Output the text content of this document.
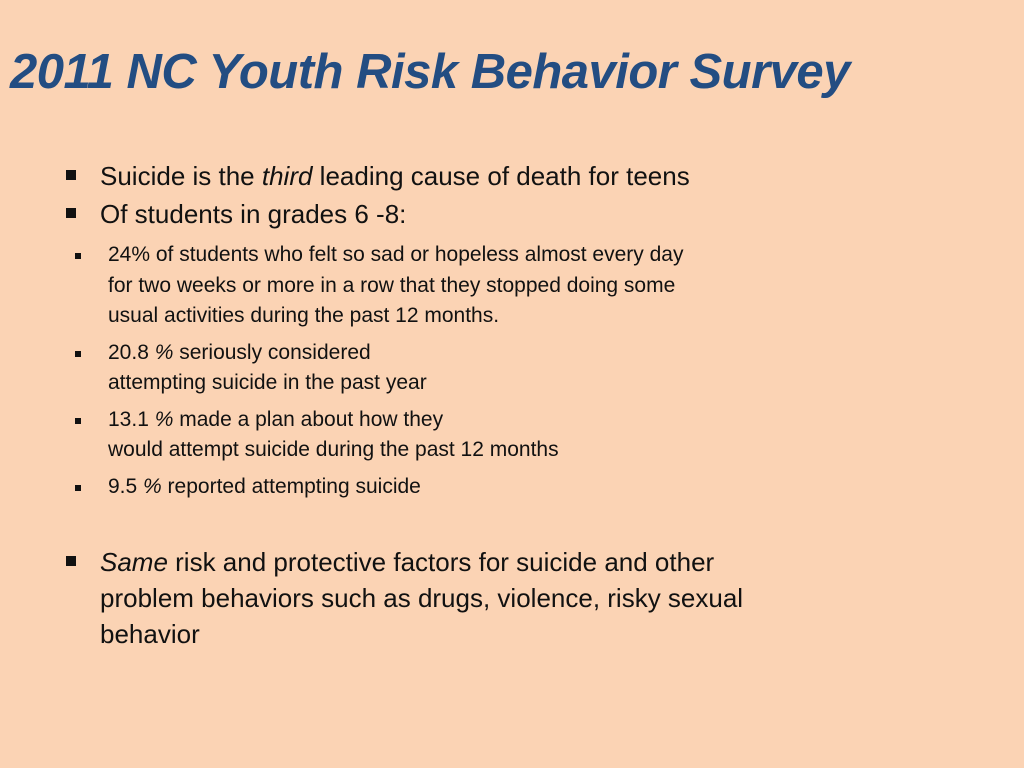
2011 NC Youth Risk Behavior Survey
Suicide is the third leading cause of death for teens
Of students in grades 6 -8:
24% of students who felt so sad or hopeless almost every day
for two weeks or more in a row that they stopped doing some
usual activities during the past 12 months.
20.8 % seriously considered
attempting suicide in the past year
13.1 % made a plan about how they
would attempt suicide during the past 12 months
9.5 % reported attempting suicide
Same risk and protective factors for suicide and other
problem behaviors such as drugs, violence, risky sexual
behavior
